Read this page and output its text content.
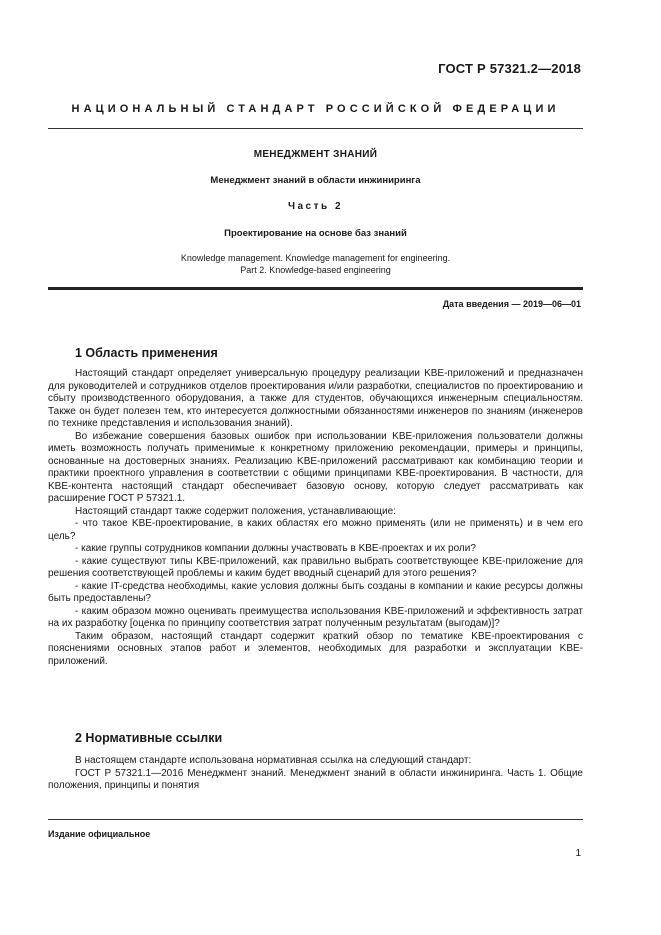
ГОСТ Р 57321.2—2018
НАЦИОНАЛЬНЫЙ СТАНДАРТ РОССИЙСКОЙ ФЕДЕРАЦИИ
МЕНЕДЖМЕНТ ЗНАНИЙ
Менеджмент знаний в области инжиниринга
Часть 2
Проектирование на основе баз знаний
Knowledge management. Knowledge management for engineering.
Part 2. Knowledge-based engineering
Дата введения — 2019—06—01
1 Область применения

Настоящий стандарт определяет универсальную процедуру реализации KBE-приложений и предназначен для руководителей и сотрудников отделов проектирования и/или разработки, специалистов по проектированию и сбыту производственного оборудования, а также для студентов, обучающихся инженерным специальностям. Также он будет полезен тем, кто интересуется должностными обязанностями инженеров по знаниям (инженеров по технике представления и использования знаний).

Во избежание совершения базовых ошибок при использовании KBE-приложения пользователи должны иметь возможность получать применимые к конкретному приложению рекомендации, примеры и принципы, основанные на достоверных знаниях. Реализацию KBE-приложений рассматривают как комбинацию теории и практики проектного управления в соответствии с общими принципами KBE-проектирования. В частности, для KBE-контента настоящий стандарт обеспечивает базовую основу, которую следует рассматривать как расширение ГОСТ Р 57321.1.

Настоящий стандарт также содержит положения, устанавливающие:

- что такое KBE-проектирование, в каких областях его можно применять (или не применять) и в чем его цель?

- какие группы сотрудников компании должны участвовать в KBE-проектах и их роли?

- какие существуют типы KBE-приложений, как правильно выбрать соответствующее KBE-приложение для решения соответствующей проблемы и каким будет вводный сценарий для этого решения?

- какие IT-средства необходимы, какие условия должны быть созданы в компании и какие ресурсы должны быть предоставлены?

- каким образом можно оценивать преимущества использования KBE-приложений и эффективность затрат на их разработку [оценка по принципу соответствия затрат полученным результатам (выгодам)]?

Таким образом, настоящий стандарт содержит краткий обзор по тематике KBE-проектирования с пояснениями основных этапов работ и элементов, необходимых для разработки и эксплуатации KBE-приложений.

2 Нормативные ссылки

В настоящем стандарте использована нормативная ссылка на следующий стандарт:

ГОСТ Р 57321.1—2016 Менеджмент знаний. Менеджмент знаний в области инжиниринга. Часть 1. Общие положения, принципы и понятия

Издание официальное
1
